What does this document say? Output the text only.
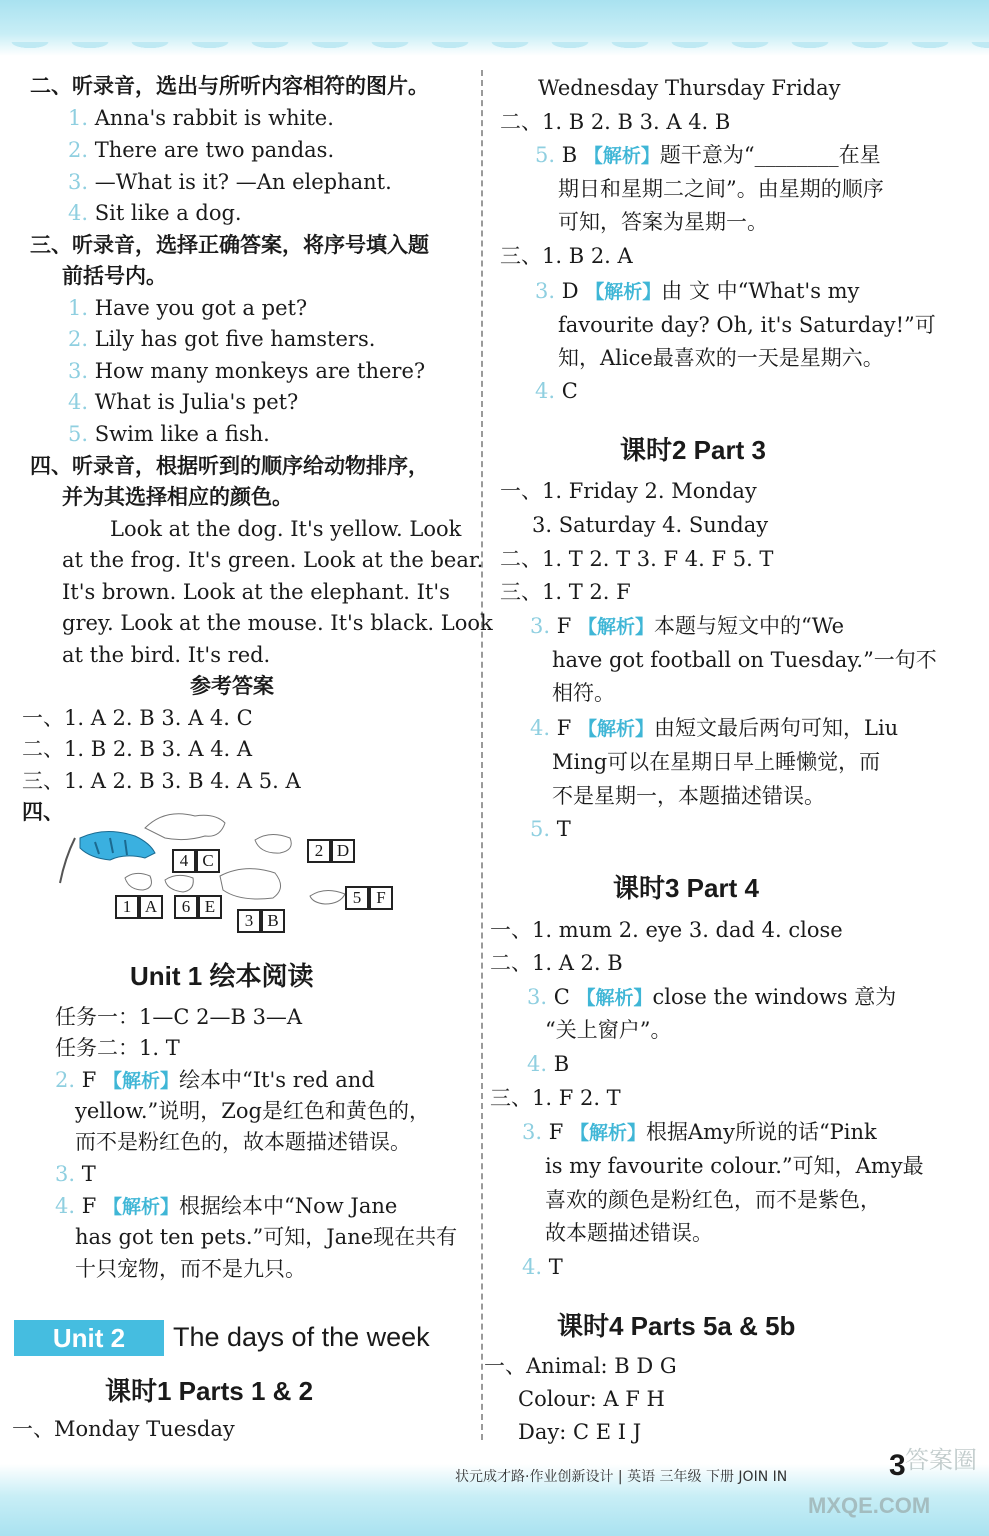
二、听录音，选出与所听内容相符的图片。
1. Anna's rabbit is white.
2. There are two pandas.
3. —What is it? —An elephant.
4. Sit like a dog.
三、听录音，选择正确答案，将序号填入题
前括号内。
1. Have you got a pet?
2. Lily has got five hamsters.
3. How many monkeys are there?
4. What is Julia's pet?
5. Swim like a fish.
四、听录音，根据听到的顺序给动物排序，
并为其选择相应的颜色。
Look at the dog. It's yellow. Look
at the frog. It's green. Look at the bear.
It's brown. Look at the elephant. It's
grey. Look at the mouse. It's black. Look
at the bird. It's red.
参考答案
一、1. A 2. B 3. A 4. C
二、1. B 2. B 3. A 4. A
三、1. A 2. B 3. B 4. A 5. A
四、
4 C
2 D
1 A	6 E
3 B
5 F
Unit 1 绘本阅读
任务一：1—C 2—B 3—A
任务二：1. T
2. F 【解析】绘本中“It's red and
yellow.”说明，Zog是红色和黄色的，
而不是粉红色的，故本题描述错误。
3. T
4. F 【解析】根据绘本中“Now Jane
has got ten pets.”可知，Jane现在共有
十只宠物，而不是九只。
Unit 2	The days of the week
课时1 Parts 1 & 2
一、Monday Tuesday
Wednesday Thursday Friday
二、1. B 2. B 3. A 4. B
5. B 【解析】题干意为“________在星
期日和星期二之间”。由星期的顺序
可知，答案为星期一。
三、1. B 2. A
3. D 【解析】由 文 中“What's my
favourite day? Oh, it's Saturday!”可
知，Alice最喜欢的一天是星期六。
4. C
课时2 Part 3
一、1. Friday 2. Monday
3. Saturday 4. Sunday
二、1. T 2. T 3. F 4. F 5. T
三、1. T 2. F
3. F 【解析】本题与短文中的“We
have got football on Tuesday.”一句不
相符。
4. F 【解析】由短文最后两句可知，Liu
Ming可以在星期日早上睡懒觉，而
不是星期一，本题描述错误。
5. T
课时3 Part 4
一、1. mum 2. eye 3. dad 4. close
二、1. A 2. B
3. C 【解析】close the windows 意为
“关上窗户”。
4. B
三、1. F 2. T
3. F 【解析】根据Amy所说的话“Pink
is my favourite colour.”可知，Amy最
喜欢的颜色是粉红色，而不是紫色，
故本题描述错误。
4. T
课时4 Parts 5a & 5b
一、Animal: B D G
Colour: A F H
Day: C E I J
状元成才路·作业创新设计 | 英语 三年级 下册 JOIN IN	3 答案圈
MXQE.COM
